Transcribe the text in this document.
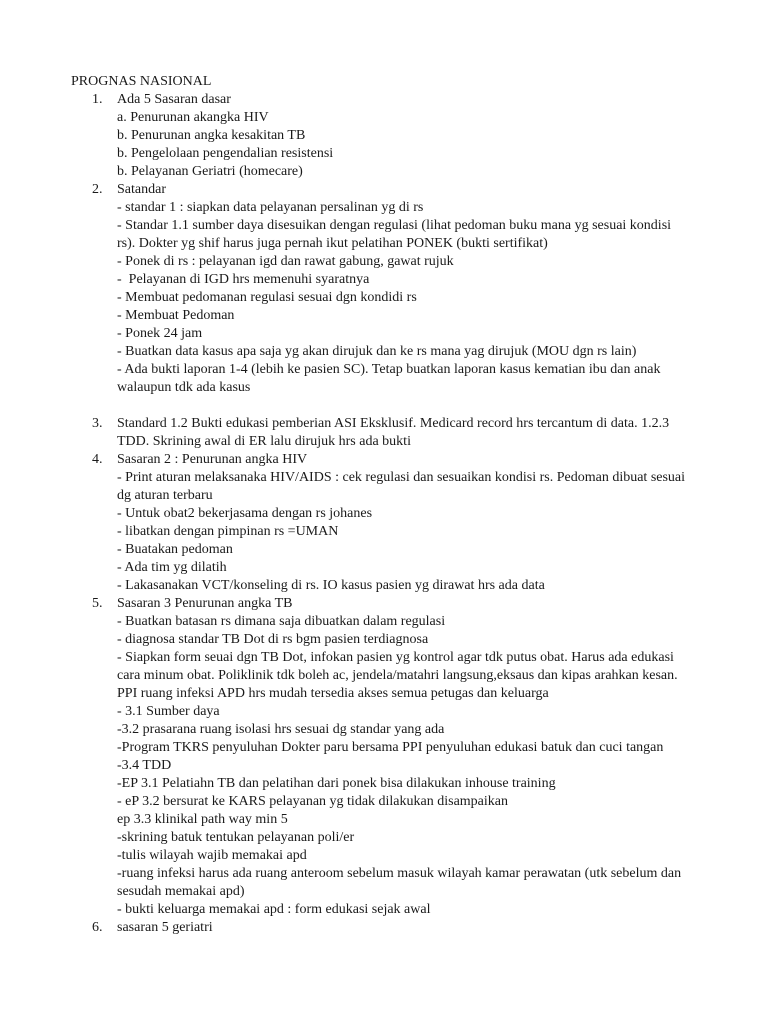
PROGNAS NASIONAL
1. Ada 5 Sasaran dasar
a. Penurunan akangka HIV
b. Penurunan angka kesakitan TB
b. Pengelolaan pengendalian resistensi
b. Pelayanan Geriatri (homecare)
2. Satandar
- standar 1 : siapkan data pelayanan persalinan yg di rs
- Standar 1.1 sumber daya disesuikan dengan regulasi (lihat pedoman buku mana yg sesuai kondisi rs). Dokter yg shif harus juga pernah ikut pelatihan PONEK (bukti sertifikat)
- Ponek di rs : pelayanan igd dan rawat gabung, gawat rujuk
-  Pelayanan di IGD hrs memenuhi syaratnya
- Membuat pedomanan regulasi sesuai dgn kondidi rs
- Membuat Pedoman
- Ponek 24 jam
- Buatkan data kasus apa saja yg akan dirujuk dan ke rs mana yag dirujuk (MOU dgn rs lain)
- Ada bukti laporan 1-4 (lebih ke pasien SC). Tetap buatkan laporan kasus kematian ibu dan anak walaupun tdk ada kasus
3. Standard 1.2 Bukti edukasi pemberian ASI Eksklusif. Medicard record hrs tercantum di data. 1.2.3 TDD. Skrining awal di ER lalu dirujuk hrs ada bukti
4. Sasaran 2 : Penurunan angka HIV
- Print aturan melaksanaka HIV/AIDS : cek regulasi dan sesuaikan kondisi rs. Pedoman dibuat sesuai dg aturan terbaru
- Untuk obat2 bekerjasama dengan rs johanes
- libatkan dengan pimpinan rs =UMAN
- Buatakan pedoman
- Ada tim yg dilatih
- Lakasanakan VCT/konseling di rs. IO kasus pasien yg dirawat hrs ada data
5. Sasaran 3 Penurunan angka TB
- Buatkan batasan rs dimana saja dibuatkan dalam regulasi
- diagnosa standar TB Dot di rs bgm pasien terdiagnosa
- Siapkan form seuai dgn TB Dot, infokan pasien yg kontrol agar tdk putus obat. Harus ada edukasi cara minum obat. Poliklinik tdk boleh ac, jendela/matahri langsung,eksaus dan kipas arahkan kesan. PPI ruang infeksi APD hrs mudah tersedia akses semua petugas dan keluarga
- 3.1 Sumber daya
-3.2 prasarana ruang isolasi hrs sesuai dg standar yang ada
-Program TKRS penyuluhan Dokter paru bersama PPI penyuluhan edukasi batuk dan cuci tangan
-3.4 TDD
-EP 3.1 Pelatiahn TB dan pelatihan dari ponek bisa dilakukan inhouse training
- eP 3.2 bersurat ke KARS pelayanan yg tidak dilakukan disampaikan
ep 3.3 klinikal path way min 5
-skrining batuk tentukan pelayanan poli/er
-tulis wilayah wajib memakai apd
-ruang infeksi harus ada ruang anteroom sebelum masuk wilayah kamar perawatan (utk sebelum dan sesudah memakai apd)
- bukti keluarga memakai apd : form edukasi sejak awal
6. sasaran 5 geriatri
